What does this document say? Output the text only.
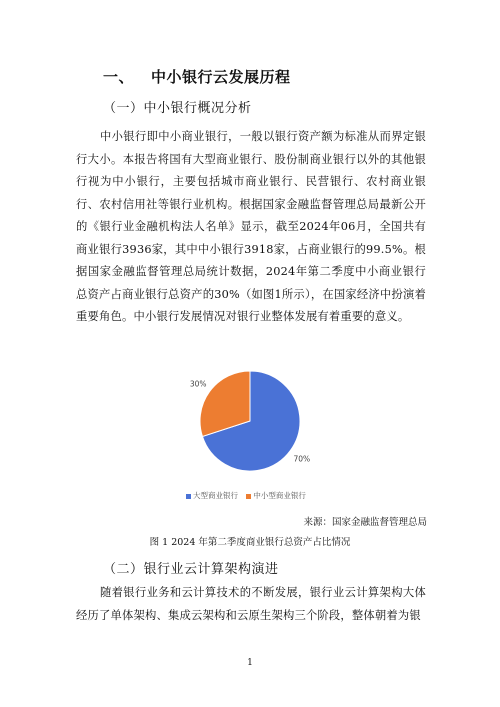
一、 中小银行云发展历程
（一）中小银行概况分析
中小银行即中小商业银行，一般以银行资产额为标准从而界定银行大小。本报告将国有大型商业银行、股份制商业银行以外的其他银行视为中小银行，主要包括城市商业银行、民营银行、农村商业银行、农村信用社等银行业机构。根据国家金融监督管理总局最新公开的《银行业金融机构法人名单》显示，截至2024年06月，全国共有商业银行3936家，其中中小银行3918家，占商业银行的99.5%。根据国家金融监督管理总局统计数据，2024年第二季度中小商业银行总资产占商业银行总资产的30%（如图1所示），在国家经济中扮演着重要角色。中小银行发展情况对银行业整体发展有着重要的意义。
70%
30%
大型商业银行 中小型商业银行
来源：国家金融监督管理总局
图 1 2024 年第二季度商业银行总资产占比情况
（二）银行业云计算架构演进
随着银行业务和云计算技术的不断发展，银行业云计算架构大体经历了单体架构、集成云架构和云原生架构三个阶段，整体朝着为银
1
